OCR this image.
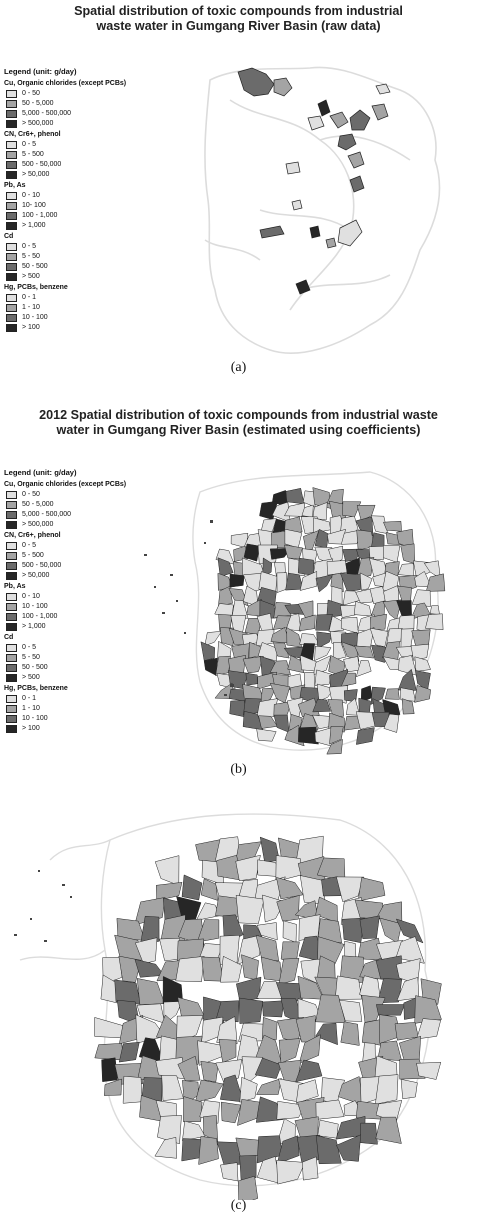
Spatial distribution of toxic compounds from industrial
waste water in Gumgang River Basin (raw data)
Legend (unit: g/day)
Cu, Organic chlorides (except PCBs)
0 - 50
50 - 5,000
5,000 - 500,000
> 500,000
CN, Cr6+, phenol
0 - 5
5 - 500
500 - 50,000
> 50,000
Pb, As
0 - 10
10- 100
100 - 1,000
> 1,000
Cd
0 - 5
5 - 50
50 - 500
> 500
Hg, PCBs, benzene
0 - 1
1 - 10
10 - 100
> 100
(a)
2012 Spatial distribution of toxic compounds from industrial waste
water in Gumgang River Basin (estimated using coefficients)
Legend (unit: g/day)
Cu, Organic chlorides (except PCBs)
0 - 50
50 - 5,000
5,000 - 500,000
> 500,000
CN, Cr6+, phenol
0 - 5
5 - 500
500 - 50,000
> 50,000
Pb, As
0 - 10
10 - 100
100 - 1,000
> 1,000
Cd
0 - 5
5 - 50
50 - 500
> 500
Hg, PCBs, benzene
0 - 1
1 - 10
10 - 100
> 100
(b)
(c)
